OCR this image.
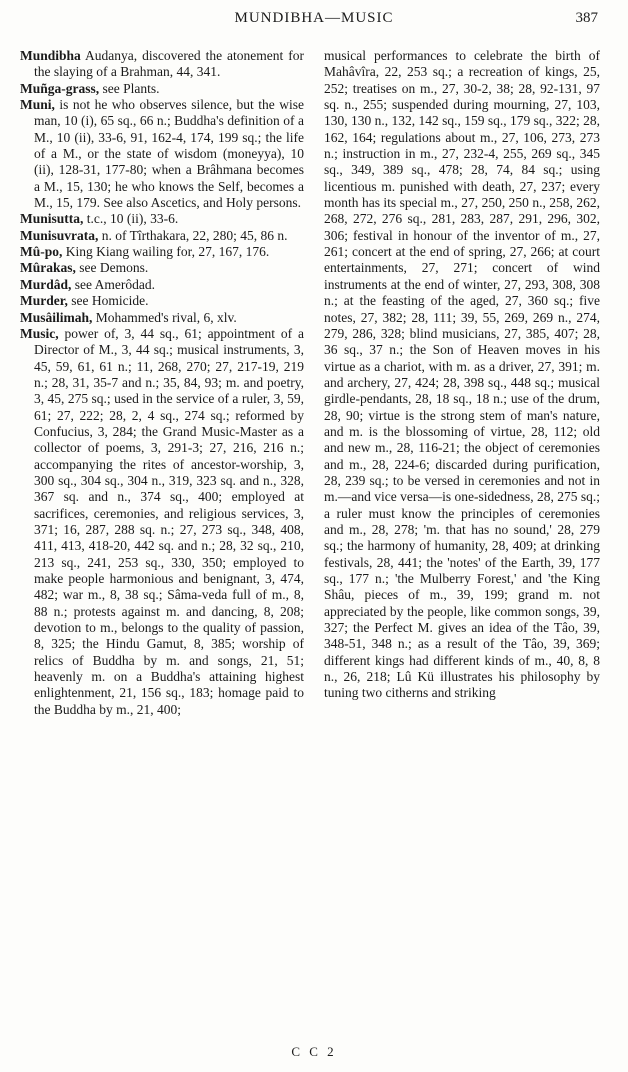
MUNDIBHA—MUSIC	387

Mundibha Audanya, discovered the atonement for the slaying of a Brahman, 44, 341.

Muñga-grass, see Plants.

Muni, is not he who observes silence, but the wise man, 10 (i), 65 sq., 66 n.; Buddha's definition of a M., 10 (ii), 33-6, 91, 162-4, 174, 199 sq.; the life of a M., or the state of wisdom (moneyya), 10 (ii), 128-31, 177-80; when a Brâhmana becomes a M., 15, 130; he who knows the Self, becomes a M., 15, 179. See also Ascetics, and Holy persons.

Munisutta, t.c., 10 (ii), 33-6.

Munisuvrata, n. of Tîrthakara, 22, 280; 45, 86 n.

Mû-po, King Kiang wailing for, 27, 167, 176.

Mûrakas, see Demons.

Murdâd, see Amerôdad.

Murder, see Homicide.

Musâilimah, Mohammed's rival, 6, xlv.

Music, power of, 3, 44 sq., 61; appointment of a Director of M., 3, 44 sq.; musical instruments, 3, 45, 59, 61, 61 n.; 11, 268, 270; 27, 217-19, 219 n.; 28, 31, 35-7 and n.; 35, 84, 93; m. and poetry, 3, 45, 275 sq.; used in the service of a ruler, 3, 59, 61; 27, 222; 28, 2, 4 sq., 274 sq.; reformed by Confucius, 3, 284; the Grand Music-Master as a collector of poems, 3, 291-3; 27, 216, 216 n.; accompanying the rites of ancestor-worship, 3, 300 sq., 304 sq., 304 n., 319, 323 sq. and n., 328, 367 sq. and n., 374 sq., 400; employed at sacrifices, ceremonies, and religious services, 3, 371; 16, 287, 288 sq. n.; 27, 273 sq., 348, 408, 411, 413, 418-20, 442 sq. and n.; 28, 32 sq., 210, 213 sq., 241, 253 sq., 330, 350; employed to make people harmonious and benignant, 3, 474, 482; war m., 8, 38 sq.; Sâma-veda full of m., 8, 88 n.; protests against m. and dancing, 8, 208; devotion to m., belongs to the quality of passion, 8, 325; the Hindu Gamut, 8, 385; worship of relics of Buddha by m. and songs, 21, 51; heavenly m. on a Buddha's attaining highest enlightenment, 21, 156 sq., 183; homage paid to the Buddha by m., 21, 400;

musical performances to celebrate the birth of Mahâvîra, 22, 253 sq.; a recreation of kings, 25, 252; treatises on m., 27, 30-2, 38; 28, 92-131, 97 sq. n., 255; suspended during mourning, 27, 103, 130, 130 n., 132, 142 sq., 159 sq., 179 sq., 322; 28, 162, 164; regulations about m., 27, 106, 273, 273 n.; instruction in m., 27, 232-4, 255, 269 sq., 345 sq., 349, 389 sq., 478; 28, 74, 84 sq.; using licentious m. punished with death, 27, 237; every month has its special m., 27, 250, 250 n., 258, 262, 268, 272, 276 sq., 281, 283, 287, 291, 296, 302, 306; festival in honour of the inventor of m., 27, 261; concert at the end of spring, 27, 266; at court entertainments, 27, 271; concert of wind instruments at the end of winter, 27, 293, 308, 308 n.; at the feasting of the aged, 27, 360 sq.; five notes, 27, 382; 28, 111; 39, 55, 269, 269 n., 274, 279, 286, 328; blind musicians, 27, 385, 407; 28, 36 sq., 37 n.; the Son of Heaven moves in his virtue as a chariot, with m. as a driver, 27, 391; m. and archery, 27, 424; 28, 398 sq., 448 sq.; musical girdle-pendants, 28, 18 sq., 18 n.; use of the drum, 28, 90; virtue is the strong stem of man's nature, and m. is the blossoming of virtue, 28, 112; old and new m., 28, 116-21; the object of ceremonies and m., 28, 224-6; discarded during purification, 28, 239 sq.; to be versed in ceremonies and not in m.—and vice versa—is one-sidedness, 28, 275 sq.; a ruler must know the principles of ceremonies and m., 28, 278; 'm. that has no sound,' 28, 279 sq.; the harmony of humanity, 28, 409; at drinking festivals, 28, 441; the 'notes' of the Earth, 39, 177 sq., 177 n.; 'the Mulberry Forest,' and 'the King Shâu, pieces of m., 39, 199; grand m. not appreciated by the people, like common songs, 39, 327; the Perfect M. gives an idea of the Tâo, 39, 348-51, 348 n.; as a result of the Tâo, 39, 369; different kings had different kinds of m., 40, 8, 8 n., 26, 218; Lû Kü illustrates his philosophy by tuning two citherns and striking

C C 2
